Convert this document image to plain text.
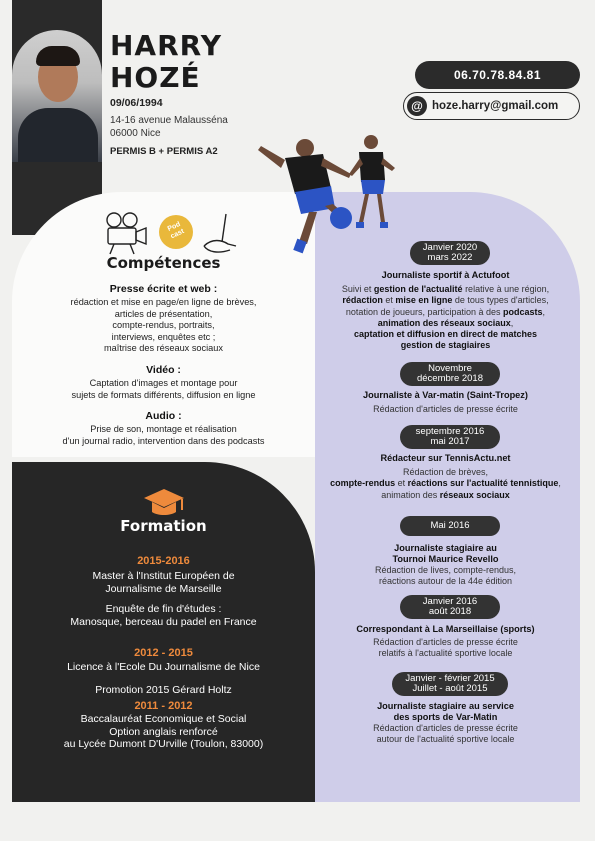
HARRY
HOZÉ
09/06/1994
14-16 avenue Malausséna
06000 Nice
PERMIS B + PERMIS A2
06.70.78.84.81
@ hoze.harry@gmail.com
Pod cast
Compétences
Presse écrite et web :
rédaction et mise en page/en ligne de brèves,
articles de présentation,
compte-rendus, portraits,
interviews, enquêtes etc ;
maîtrise des réseaux sociaux
Vidéo :
Captation d'images et montage pour
sujets de formats différents, diffusion en ligne
Audio :
Prise de son, montage et réalisation
d'un journal radio, intervention dans des podcasts
Formation
2015-2016
Master à l'Institut Européen de
Journalisme de Marseille
Enquête de fin d'études :
Manosque, berceau du padel en France
2012 - 2015
Licence à l'Ecole Du Journalisme de Nice
Promotion 2015 Gérard Holtz
2011 - 2012
Baccalauréat Economique et Social
Option anglais renforcé
au Lycée Dumont D'Urville (Toulon, 83000)
Janvier 2020
mars 2022
Journaliste sportif à Actufoot
Suivi et gestion de l'actualité relative à une région,
rédaction et mise en ligne de tous types d'articles,
notation de joueurs, participation à des podcasts,
animation des réseaux sociaux,
captation et diffusion en direct de matches
gestion de stagiaires
Novembre
décembre 2018
Journaliste à Var-matin (Saint-Tropez)
Rédaction d'articles de presse écrite
septembre 2016
mai 2017
Rédacteur sur TennisActu.net
Rédaction de brèves,
compte-rendus et réactions sur l'actualité tennistique,
animation des réseaux sociaux
Mai 2016
Journaliste stagiaire au
Tournoi Maurice Revello
Rédaction de lives, compte-rendus,
réactions autour de la 44e édition
Janvier 2016
août 2018
Correspondant à La Marseillaise (sports)
Rédaction d'articles de presse écrite
relatifs à l'actualité sportive locale
Janvier - février 2015
Juillet - août 2015
Journaliste stagiaire au service
des sports de Var-Matin
Rédaction d'articles de presse écrite
autour de l'actualité sportive locale
